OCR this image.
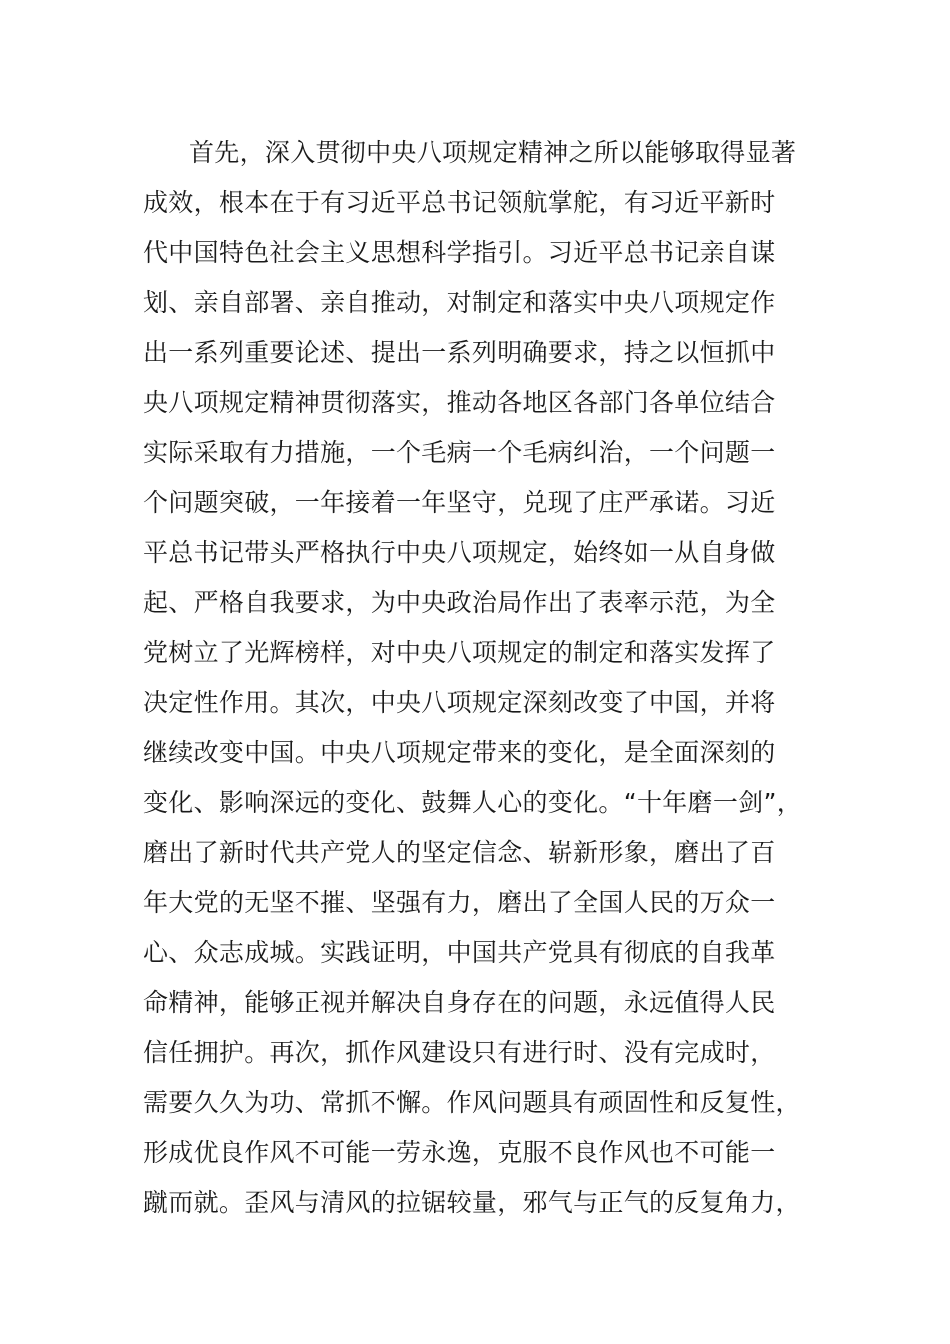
首先，深入贯彻中央八项规定精神之所以能够取得显著
成效，根本在于有习近平总书记领航掌舵，有习近平新时
代中国特色社会主义思想科学指引。习近平总书记亲自谋
划、亲自部署、亲自推动，对制定和落实中央八项规定作
出一系列重要论述、提出一系列明确要求，持之以恒抓中
央八项规定精神贯彻落实，推动各地区各部门各单位结合
实际采取有力措施，一个毛病一个毛病纠治，一个问题一
个问题突破，一年接着一年坚守，兑现了庄严承诺。习近
平总书记带头严格执行中央八项规定，始终如一从自身做
起、严格自我要求，为中央政治局作出了表率示范，为全
党树立了光辉榜样，对中央八项规定的制定和落实发挥了
决定性作用。其次，中央八项规定深刻改变了中国，并将
继续改变中国。中央八项规定带来的变化，是全面深刻的
变化、影响深远的变化、鼓舞人心的变化。“十年磨一剑”，
磨出了新时代共产党人的坚定信念、崭新形象，磨出了百
年大党的无坚不摧、坚强有力，磨出了全国人民的万众一
心、众志成城。实践证明，中国共产党具有彻底的自我革
命精神，能够正视并解决自身存在的问题，永远值得人民
信任拥护。再次，抓作风建设只有进行时、没有完成时，
需要久久为功、常抓不懈。作风问题具有顽固性和反复性，
形成优良作风不可能一劳永逸，克服不良作风也不可能一
蹴而就。歪风与清风的拉锯较量，邪气与正气的反复角力，
